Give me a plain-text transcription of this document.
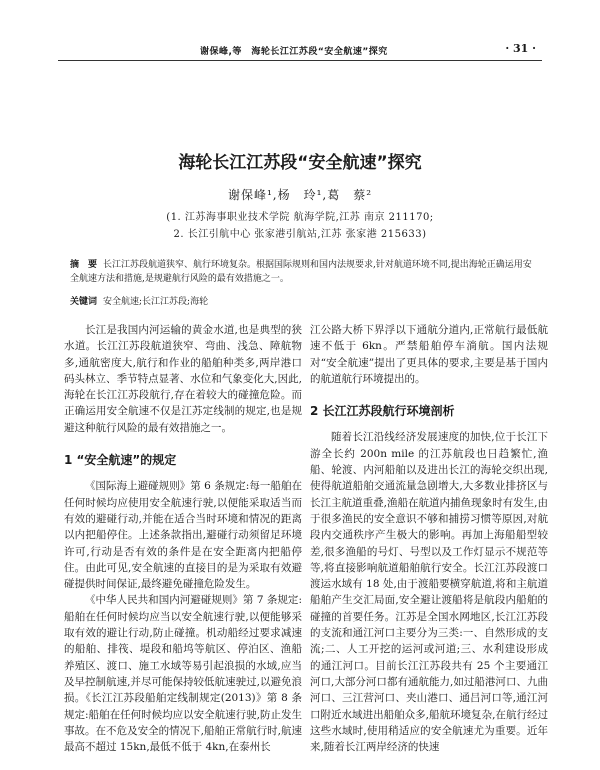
谢保峰,等　海轮长江江苏段“安全航速”探究	· 31 ·
海轮长江江苏段“安全航速”探究
谢保峰¹,杨　玲¹,葛　蔡²
(1. 江苏海事职业技术学院 航海学院,江苏 南京 211170;
2. 长江引航中心 张家港引航站,江苏 张家港 215633)
摘　要 长江江苏段航道狭窄、航行环境复杂。根据国际规则和国内法规要求,针对航道环境不同,提出海轮正确运用安全航速方法和措施,是规避航行风险的最有效措施之一。
关键词 安全航速;长江江苏段;海轮

长江是我国内河运输的黄金水道,也是典型的狭水道。长江江苏段航道狭窄、弯曲、浅急、障航物多,通航密度大,航行和作业的船舶种类多,两岸港口码头林立、季节特点显著、水位和气象变化大,因此,海轮在长江江苏段航行,存在着较大的碰撞危险。而正确运用安全航速不仅是江苏定线制的规定,也是规避这种航行风险的最有效措施之一。

1 “安全航速”的规定

《国际海上避碰规则》第 6 条规定:每一船舶在任何时候均应使用安全航速行驶,以便能采取适当而有效的避碰行动,并能在适合当时环境和情况的距离以内把船停住。上述条款指出,避碰行动须留足环境许可,行动是否有效的条件是在安全距离内把船停住。由此可见,安全航速的直接目的是为采取有效避碰提供时间保证,最终避免碰撞危险发生。

《中华人民共和国内河避碰规则》第 7 条规定:船舶在任何时候均应当以安全航速行驶,以便能够采取有效的避让行动,防止碰撞。机动船经过要求减速的船舶、排筏、堤段和船坞等航区、停泊区、渔船养殖区、渡口、施工水域等易引起浪损的水域,应当及早控制航速,并尽可能保持较低航速驶过,以避免浪损。《长江江苏段船舶定线制规定(2013)》第 8 条规定:船舶在任何时候均应以安全航速行驶,防止发生事故。在不危及安全的情况下,船舶正常航行时,航速最高不超过 15kn,最低不低于 4kn,在泰州长

江公路大桥下界浮以下通航分道内,正常航行最低航速不低于 6kn。严禁船舶停车淌航。国内法规对“安全航速”提出了更具体的要求,主要是基于国内的航道航行环境提出的。

2 长江江苏段航行环境剖析

随着长江沿线经济发展速度的加快,位于长江下游全长约 200n mile 的江苏航段也日趋繁忙,渔船、轮渡、内河船舶以及进出长江的海轮交织出现,使得航道船舶交通流量急剧增大,大多数业排挤区与长江主航道重叠,渔船在航道内捕鱼现象时有发生,由于很多渔民的安全意识不够和捕捞习惯等原因,对航段内交通秩序产生极大的影响。再加上海船船型较差,很多渔船的号灯、号型以及工作灯显示不规范等等,将直接影响航道船舶航行安全。长江江苏段渡口渡运水域有 18 处,由于渡船要横穿航道,将和主航道船舶产生交汇局面,安全避让渡船将是航段内船舶的碰撞的首要任务。江苏是全国水网地区,长江江苏段的支流和通江河口主要分为三类:一、自然形成的支流;二、人工开挖的运河或河道;三、水利建设形成的通江河口。目前长江江苏段共有 25 个主要通江河口,大部分河口都有通航能力,如过船港河口、九曲河口、三江营河口、夹山港口、通吕河口等,通江河口附近水域进出船舶众多,船航环境复杂,在航行经过这些水域时,使用稍适应的安全航速尤为重要。近年来,随着长江两岸经济的快速
